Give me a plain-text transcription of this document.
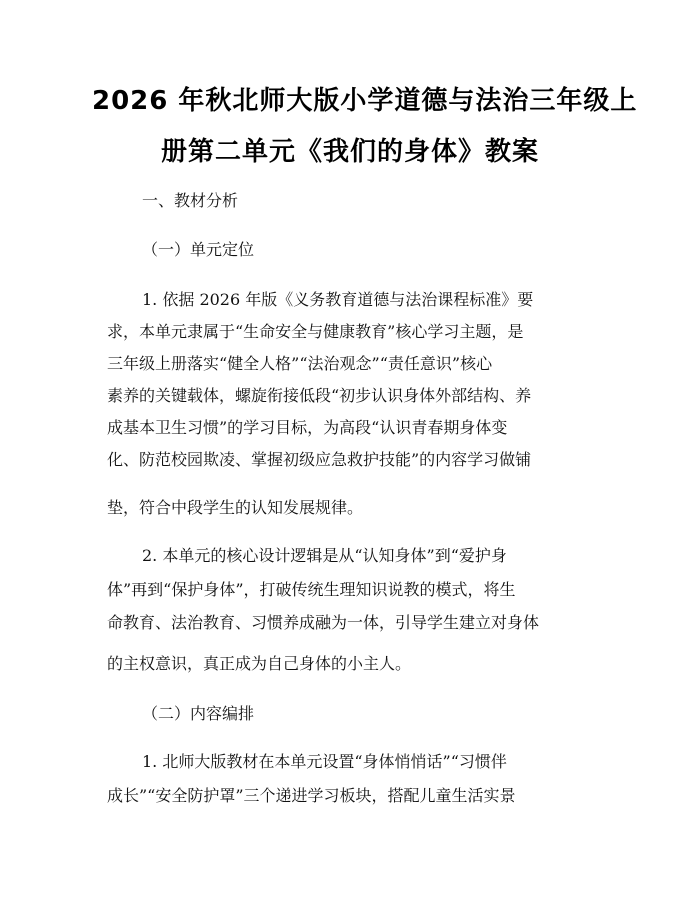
2026 年秋北师大版小学道德与法治三年级上
册第二单元《我们的身体》教案
一、教材分析
（一）单元定位
1. 依据 2026 年版《义务教育道德与法治课程标准》要
求，本单元隶属于“生命安全与健康教育”核心学习主题，是
三年级上册落实“健全人格”“法治观念”“责任意识”核心
素养的关键载体，螺旋衔接低段“初步认识身体外部结构、养
成基本卫生习惯”的学习目标，为高段“认识青春期身体变
化、防范校园欺凌、掌握初级应急救护技能”的内容学习做铺
垫，符合中段学生的认知发展规律。
2. 本单元的核心设计逻辑是从“认知身体”到“爱护身
体”再到“保护身体”，打破传统生理知识说教的模式，将生
命教育、法治教育、习惯养成融为一体，引导学生建立对身体
的主权意识，真正成为自己身体的小主人。
（二）内容编排
1. 北师大版教材在本单元设置“身体悄悄话”“习惯伴
成长”“安全防护罩”三个递进学习板块，搭配儿童生活实景
